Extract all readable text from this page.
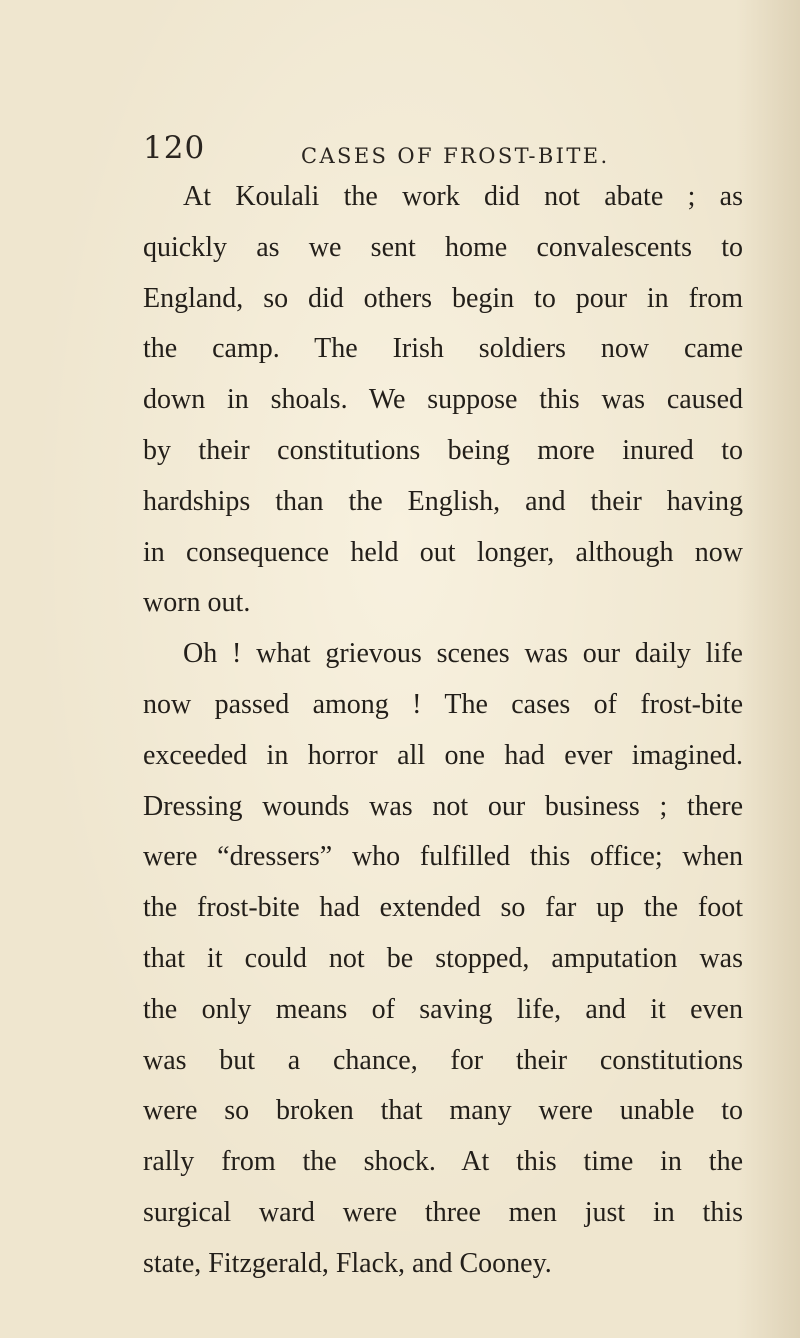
120	CASES OF FROST-BITE.
At Koulali the work did not abate ; as
quickly as we sent home convalescents to
England, so did others begin to pour in from
the camp. The Irish soldiers now came
down in shoals. We suppose this was caused
by their constitutions being more inured to
hardships than the English, and their having
in consequence held out longer, although now
worn out.
Oh ! what grievous scenes was our daily life
now passed among ! The cases of frost-bite
exceeded in horror all one had ever imagined.
Dressing wounds was not our business ; there
were “dressers” who fulfilled this office; when
the frost-bite had extended so far up the foot
that it could not be stopped, amputation was
the only means of saving life, and it even
was but a chance, for their constitutions
were so broken that many were unable to
rally from the shock. At this time in the
surgical ward were three men just in this
state, Fitzgerald, Flack, and Cooney.
